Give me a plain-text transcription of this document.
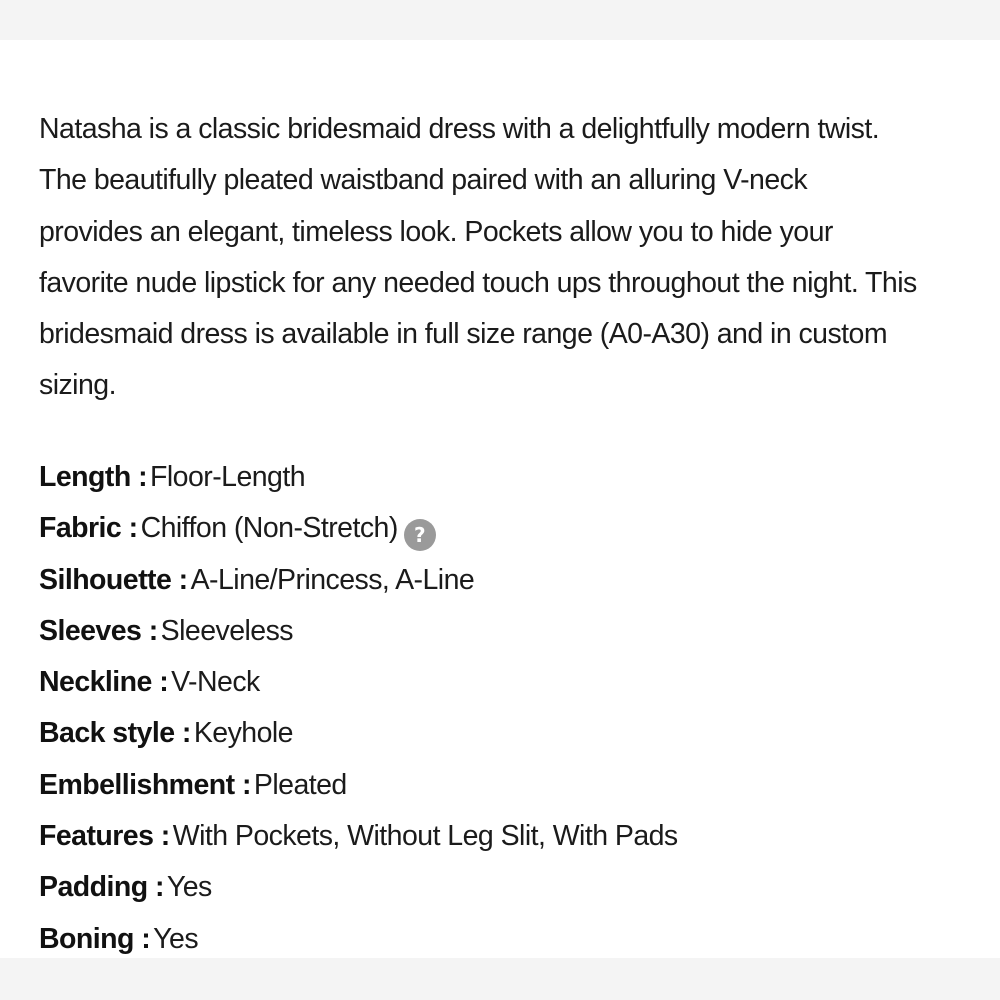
Natasha is a classic bridesmaid dress with a delightfully modern twist.
The beautifully pleated waistband paired with an alluring V-neck
provides an elegant, timeless look. Pockets allow you to hide your
favorite nude lipstick for any needed touch ups throughout the night. This
bridesmaid dress is available in full size range (A0-A30) and in custom
sizing.

Length : Floor-Length
Fabric : Chiffon (Non-Stretch) ?
Silhouette : A-Line/Princess, A-Line
Sleeves : Sleeveless
Neckline : V-Neck
Back style : Keyhole
Embellishment : Pleated
Features : With Pockets, Without Leg Slit, With Pads
Padding : Yes
Boning : Yes
